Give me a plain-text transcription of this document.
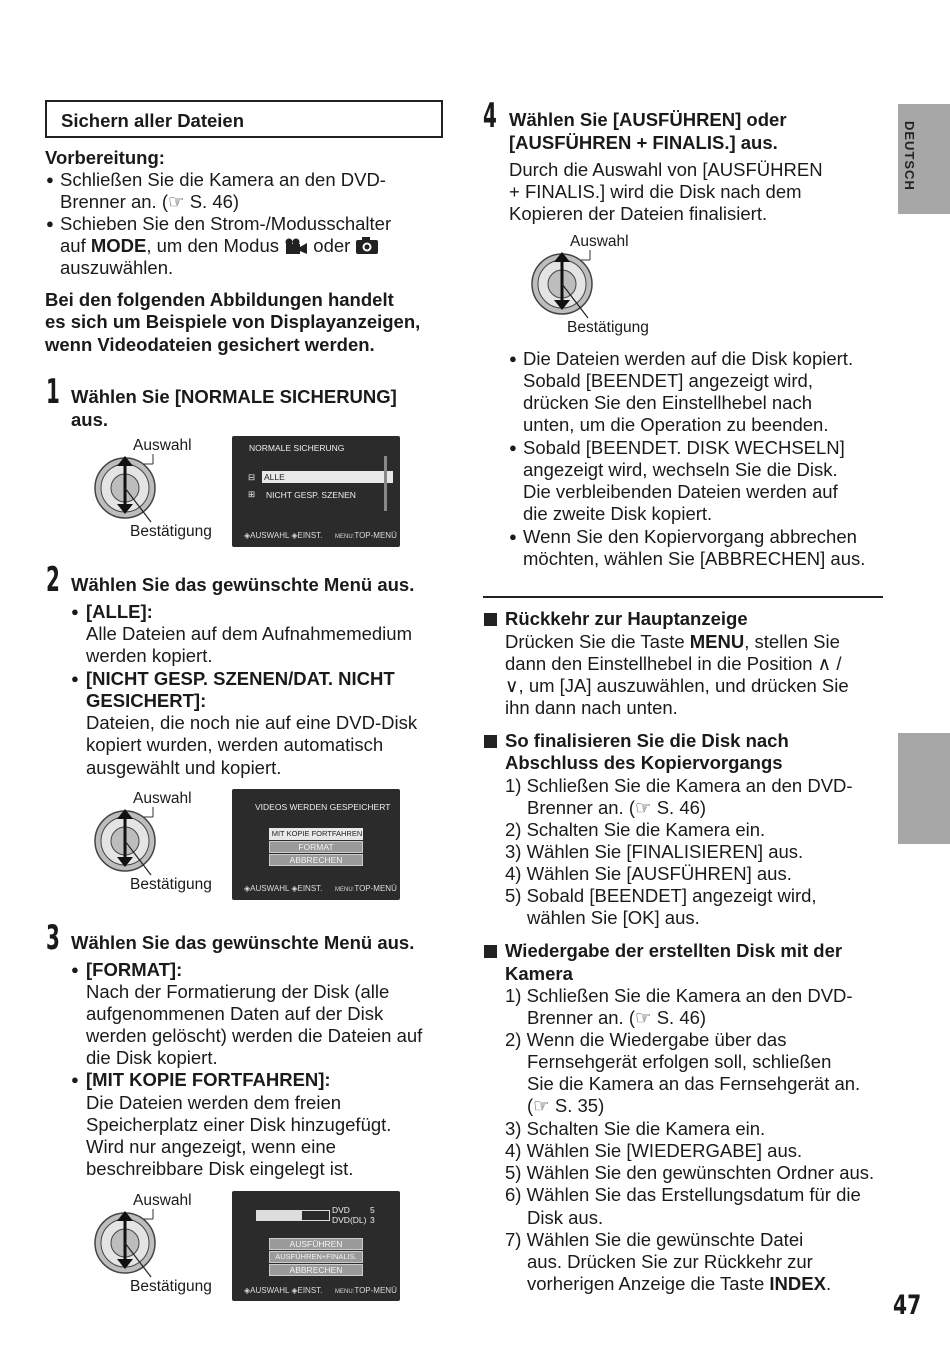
DEUTSCH
47
Sichern aller Dateien
Vorbereitung:
● Schließen Sie die Kamera an den DVD-
Brenner an. (☞ S. 46)
● Schieben Sie den Strom-/Modusschalter
auf MODE, um den Modus oder
auszuwählen.
Bei den folgenden Abbildungen handelt
es sich um Beispiele von Displayanzeigen,
wenn Videodateien gesichert werden.
1 Wählen Sie [NORMALE SICHERUNG]
aus.
Auswahl
Bestätigung
NORMALE SICHERUNG
ALLE
⊟
⊞ NICHT GESP. SZENEN
◈AUSWAHL ◈EINST. MENU:TOP-MENÜ
2 Wählen Sie das gewünschte Menü aus.
● [ALLE]:
Alle Dateien auf dem Aufnahmemedium
werden kopiert.
● [NICHT GESP. SZENEN/DAT. NICHT
GESICHERT]:
Dateien, die noch nie auf eine DVD-Disk
kopiert wurden, werden automatisch
ausgewählt und kopiert.
Auswahl
Bestätigung
VIDEOS WERDEN GESPEICHERT
MIT KOPIE FORTFAHREN
FORMAT
ABBRECHEN
◈AUSWAHL ◈EINST. MENU:TOP-MENÜ
3 Wählen Sie das gewünschte Menü aus.
● [FORMAT]:
Nach der Formatierung der Disk (alle
aufgenommenen Daten auf der Disk
werden gelöscht) werden die Dateien auf
die Disk kopiert.
● [MIT KOPIE FORTFAHREN]:
Die Dateien werden dem freien
Speicherplatz einer Disk hinzugefügt.
Wird nur angezeigt, wenn eine
beschreibbare Disk eingelegt ist.
Auswahl
Bestätigung
DVD 5
DVD(DL) 3
AUSFÜHREN
AUSFÜHREN+FINALIS.
ABBRECHEN
◈AUSWAHL ◈EINST. MENU:TOP-MENÜ
4 Wählen Sie [AUSFÜHREN] oder
[AUSFÜHREN + FINALIS.] aus.
Durch die Auswahl von [AUSFÜHREN
+ FINALIS.] wird die Disk nach dem
Kopieren der Dateien finalisiert.
Auswahl
Bestätigung
● Die Dateien werden auf die Disk kopiert.
Sobald [BEENDET] angezeigt wird,
drücken Sie den Einstellhebel nach
unten, um die Operation zu beenden.
● Sobald [BEENDET. DISK WECHSELN]
angezeigt wird, wechseln Sie die Disk.
Die verbleibenden Dateien werden auf
die zweite Disk kopiert.
● Wenn Sie den Kopiervorgang abbrechen
möchten, wählen Sie [ABBRECHEN] aus.
Rückkehr zur Hauptanzeige
Drücken Sie die Taste MENU, stellen Sie
dann den Einstellhebel in die Position ∧ /
∨, um [JA] auszuwählen, und drücken Sie
ihn dann nach unten.
So finalisieren Sie die Disk nach
Abschluss des Kopiervorgangs
1) Schließen Sie die Kamera an den DVD-
Brenner an. (☞ S. 46)
2) Schalten Sie die Kamera ein.
3) Wählen Sie [FINALISIEREN] aus.
4) Wählen Sie [AUSFÜHREN] aus.
5) Sobald [BEENDET] angezeigt wird,
wählen Sie [OK] aus.
Wiedergabe der erstellten Disk mit der
Kamera
1) Schließen Sie die Kamera an den DVD-
Brenner an. (☞ S. 46)
2) Wenn die Wiedergabe über das
Fernsehgerät erfolgen soll, schließen
Sie die Kamera an das Fernsehgerät an.
(☞ S. 35)
3) Schalten Sie die Kamera ein.
4) Wählen Sie [WIEDERGABE] aus.
5) Wählen Sie den gewünschten Ordner aus.
6) Wählen Sie das Erstellungsdatum für die
Disk aus.
7) Wählen Sie die gewünschte Datei
aus. Drücken Sie zur Rückkehr zur
vorherigen Anzeige die Taste INDEX.
